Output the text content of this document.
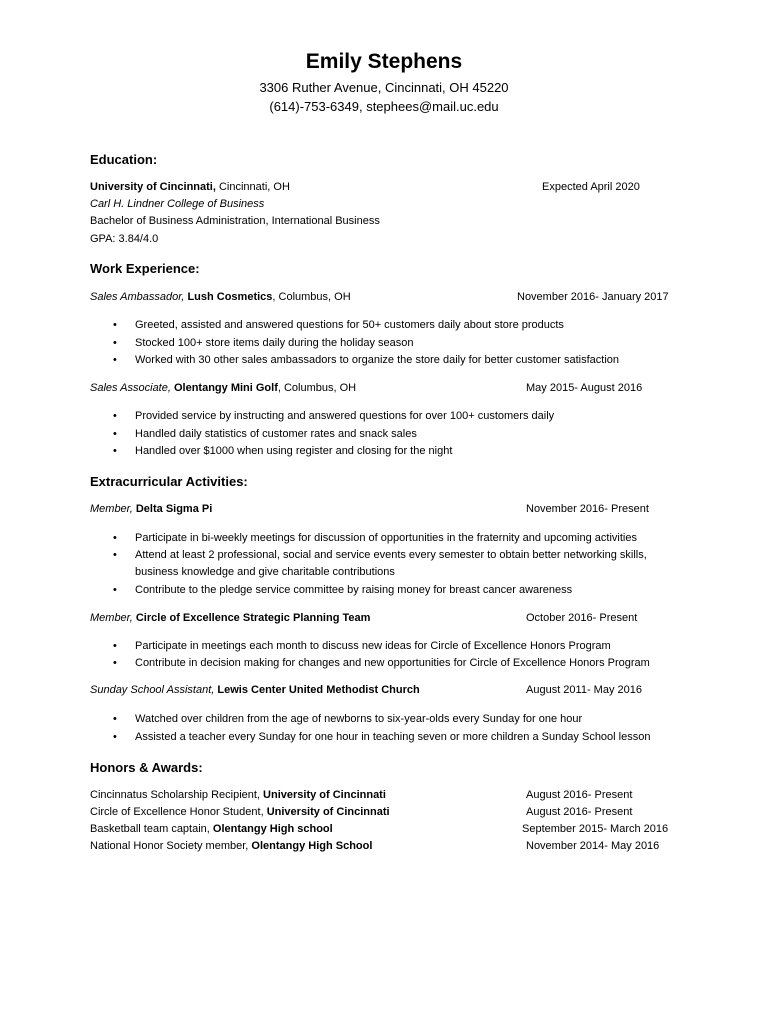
Emily Stephens
3306 Ruther Avenue, Cincinnati, OH 45220
(614)-753-6349, stephees@mail.uc.edu
Education:
University of Cincinnati, Cincinnati, OH	Expected April 2020
Carl H. Lindner College of Business
Bachelor of Business Administration, International Business
GPA: 3.84/4.0
Work Experience:
Sales Ambassador, Lush Cosmetics, Columbus, OH	November 2016- January 2017
• Greeted, assisted and answered questions for 50+ customers daily about store products
• Stocked 100+ store items daily during the holiday season
• Worked with 30 other sales ambassadors to organize the store daily for better customer satisfaction
Sales Associate, Olentangy Mini Golf, Columbus, OH	May 2015- August 2016
• Provided service by instructing and answered questions for over 100+ customers daily
• Handled daily statistics of customer rates and snack sales
• Handled over $1000 when using register and closing for the night
Extracurricular Activities:
Member, Delta Sigma Pi	November 2016- Present
• Participate in bi-weekly meetings for discussion of opportunities in the fraternity and upcoming activities
• Attend at least 2 professional, social and service events every semester to obtain better networking skills,
business knowledge and give charitable contributions
• Contribute to the pledge service committee by raising money for breast cancer awareness
Member, Circle of Excellence Strategic Planning Team	October 2016- Present
• Participate in meetings each month to discuss new ideas for Circle of Excellence Honors Program
• Contribute in decision making for changes and new opportunities for Circle of Excellence Honors Program
Sunday School Assistant, Lewis Center United Methodist Church	August 2011- May 2016
• Watched over children from the age of newborns to six-year-olds every Sunday for one hour
• Assisted a teacher every Sunday for one hour in teaching seven or more children a Sunday School lesson
Honors & Awards:
Cincinnatus Scholarship Recipient, University of Cincinnati	August 2016- Present
Circle of Excellence Honor Student, University of Cincinnati	August 2016- Present
Basketball team captain, Olentangy High school	September 2015- March 2016
National Honor Society member, Olentangy High School	November 2014- May 2016
